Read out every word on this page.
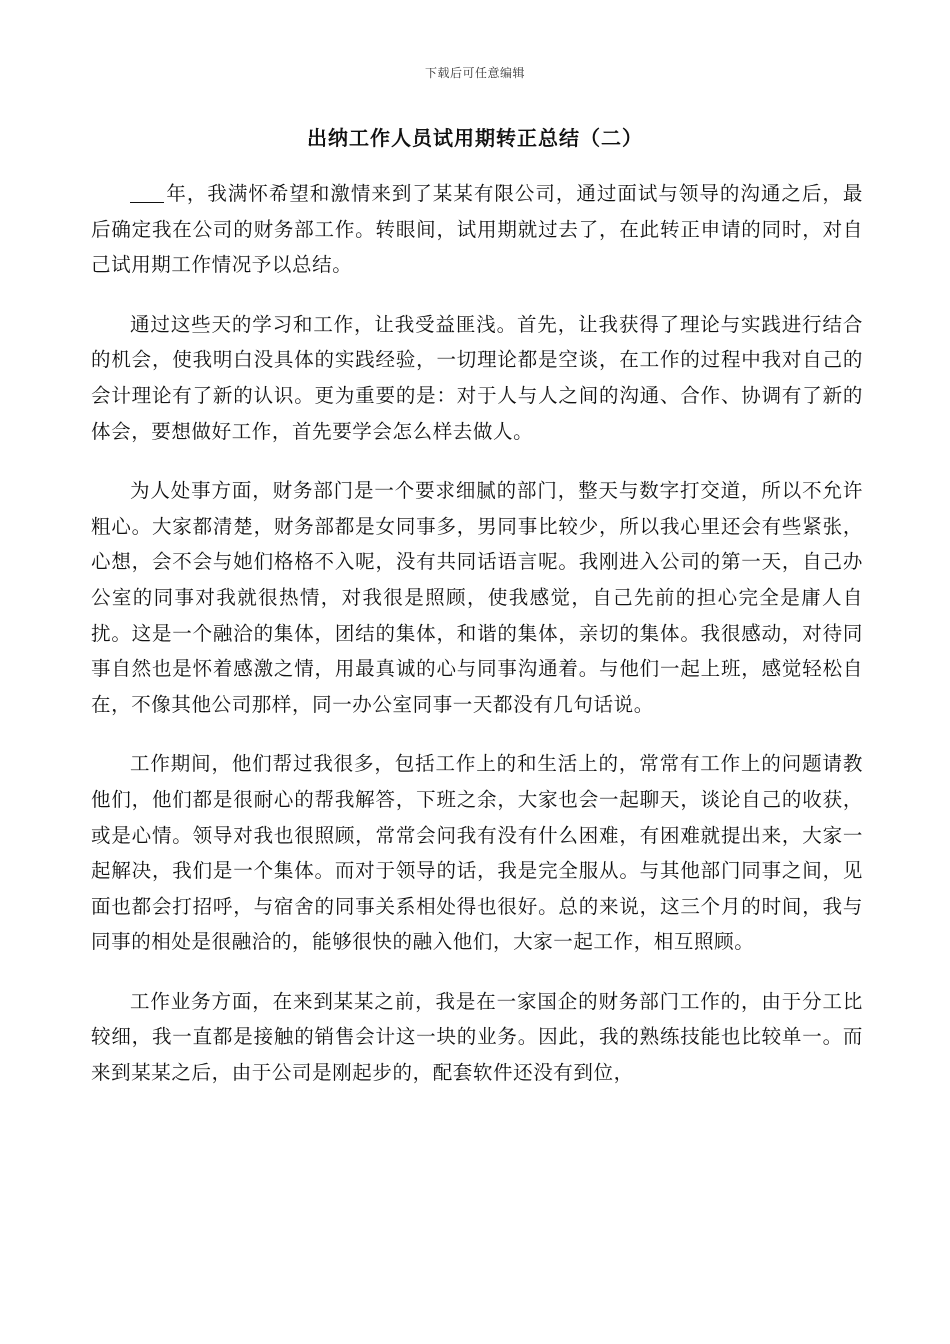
下载后可任意编辑
出纳工作人员试用期转正总结（二）

年，我满怀希望和激情来到了某某有限公司，通过面试与领导的沟通之后，最后确定我在公司的财务部工作。转眼间，试用期就过去了，在此转正申请的同时，对自己试用期工作情况予以总结。

通过这些天的学习和工作，让我受益匪浅。首先，让我获得了理论与实践进行结合的机会，使我明白没具体的实践经验，一切理论都是空谈，在工作的过程中我对自己的会计理论有了新的认识。更为重要的是：对于人与人之间的沟通、合作、协调有了新的体会，要想做好工作，首先要学会怎么样去做人。

为人处事方面，财务部门是一个要求细腻的部门，整天与数字打交道，所以不允许粗心。大家都清楚，财务部都是女同事多，男同事比较少，所以我心里还会有些紧张，心想，会不会与她们格格不入呢，没有共同话语言呢。我刚进入公司的第一天，自己办公室的同事对我就很热情，对我很是照顾，使我感觉，自己先前的担心完全是庸人自扰。这是一个融洽的集体，团结的集体，和谐的集体，亲切的集体。我很感动，对待同事自然也是怀着感激之情，用最真诚的心与同事沟通着。与他们一起上班，感觉轻松自在，不像其他公司那样，同一办公室同事一天都没有几句话说。

工作期间，他们帮过我很多，包括工作上的和生活上的，常常有工作上的问题请教他们，他们都是很耐心的帮我解答，下班之余，大家也会一起聊天，谈论自己的收获，或是心情。领导对我也很照顾，常常会问我有没有什么困难，有困难就提出来，大家一起解决，我们是一个集体。而对于领导的话，我是完全服从。与其他部门同事之间，见面也都会打招呼，与宿舍的同事关系相处得也很好。总的来说，这三个月的时间，我与同事的相处是很融洽的，能够很快的融入他们，大家一起工作，相互照顾。

工作业务方面，在来到某某之前，我是在一家国企的财务部门工作的，由于分工比较细，我一直都是接触的销售会计这一块的业务。因此，我的熟练技能也比较单一。而来到某某之后，由于公司是刚起步的，配套软件还没有到位，
